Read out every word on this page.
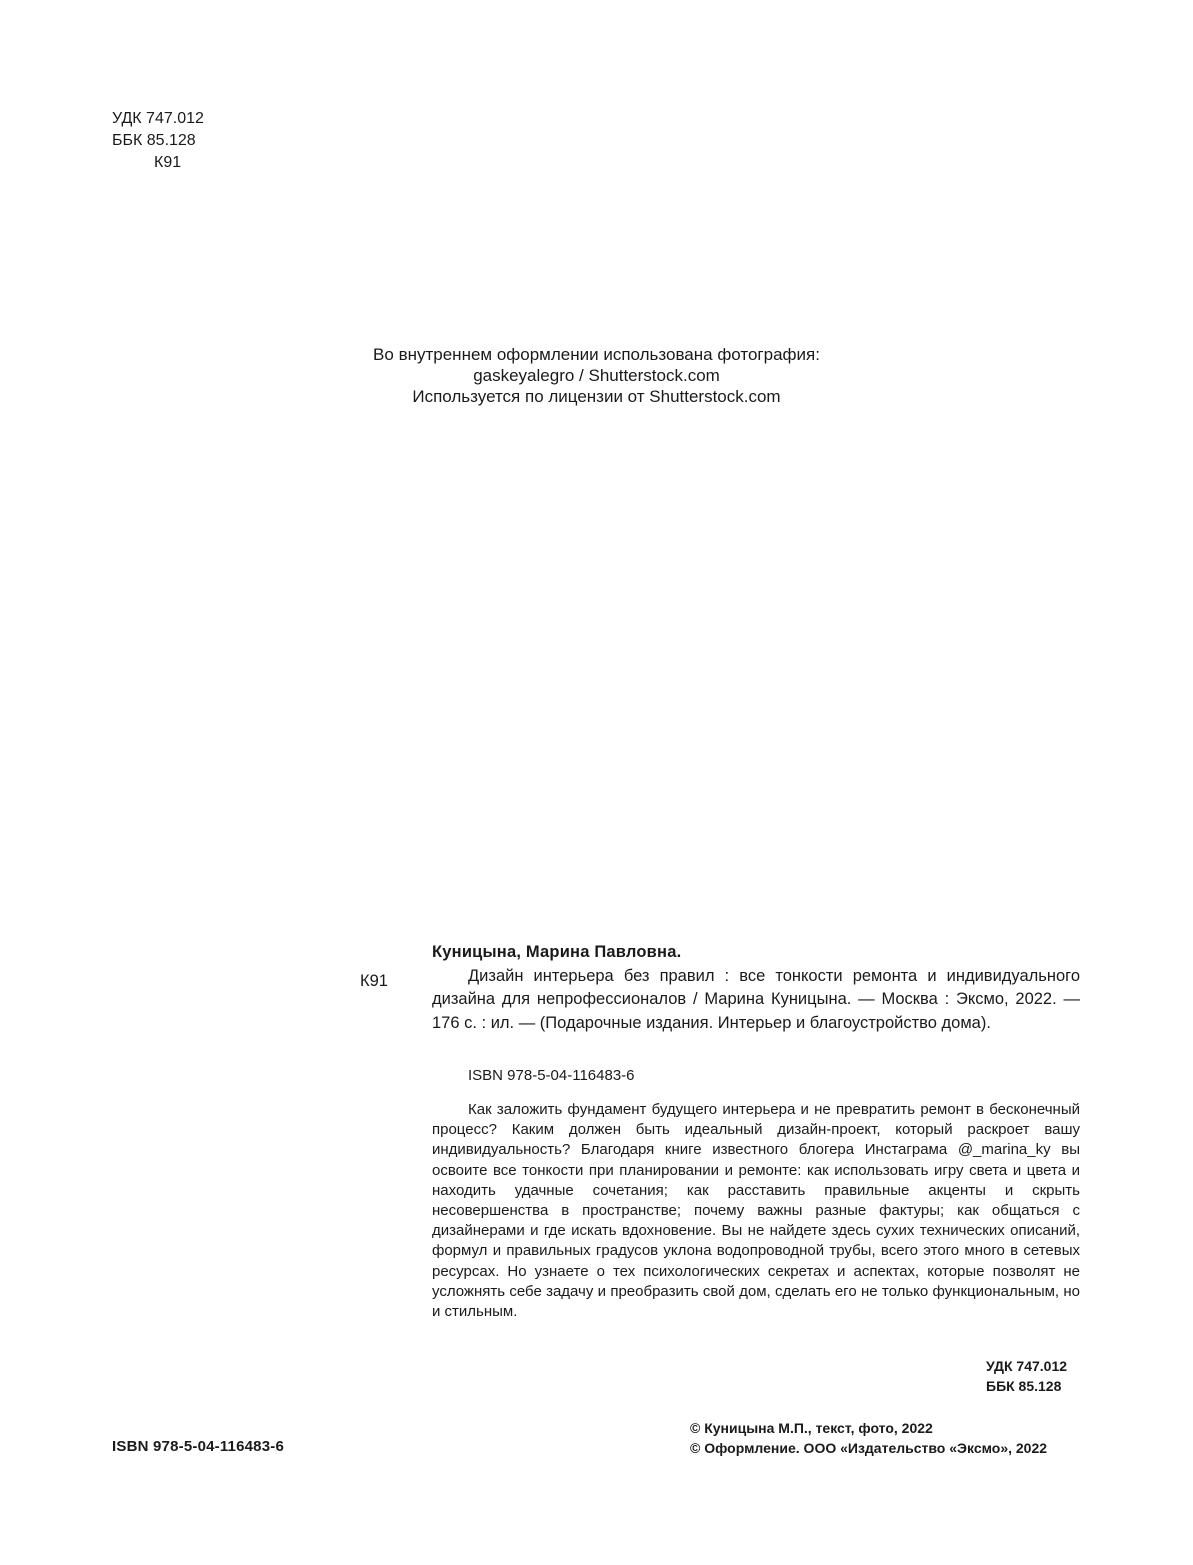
УДК 747.012
ББК 85.128
К91
Во внутреннем оформлении использована фотография:
gaskeyalegro / Shutterstock.com
Используется по лицензии от Shutterstock.com
Куницына, Марина Павловна.
К91	Дизайн интерьера без правил : все тонкости ремонта и индивидуального дизайна для непрофессионалов / Марина Куницына. — Москва : Эксмо, 2022. — 176 с. : ил. — (Подарочные издания. Интерьер и благоустройство дома).

ISBN 978-5-04-116483-6

Как заложить фундамент будущего интерьера и не превратить ремонт в бесконечный процесс? Каким должен быть идеальный дизайн-проект, который раскроет вашу индивидуальность? Благодаря книге известного блогера Инстаграма @_marina_ky вы освоите все тонкости при планировании и ремонте: как использовать игру света и цвета и находить удачные сочетания; как расставить правильные акценты и скрыть несовершенства в пространстве; почему важны разные фактуры; как общаться с дизайнерами и где искать вдохновение. Вы не найдете здесь сухих технических описаний, формул и правильных градусов уклона водопроводной трубы, всего этого много в сетевых ресурсах. Но узнаете о тех психологических секретах и аспектах, которые позволят не усложнять себе задачу и преобразить свой дом, сделать его не только функциональным, но и стильным.

УДК 747.012
ББК 85.128
ISBN 978-5-04-116483-6
© Куницына М.П., текст, фото, 2022
© Оформление. ООО «Издательство «Эксмо», 2022
